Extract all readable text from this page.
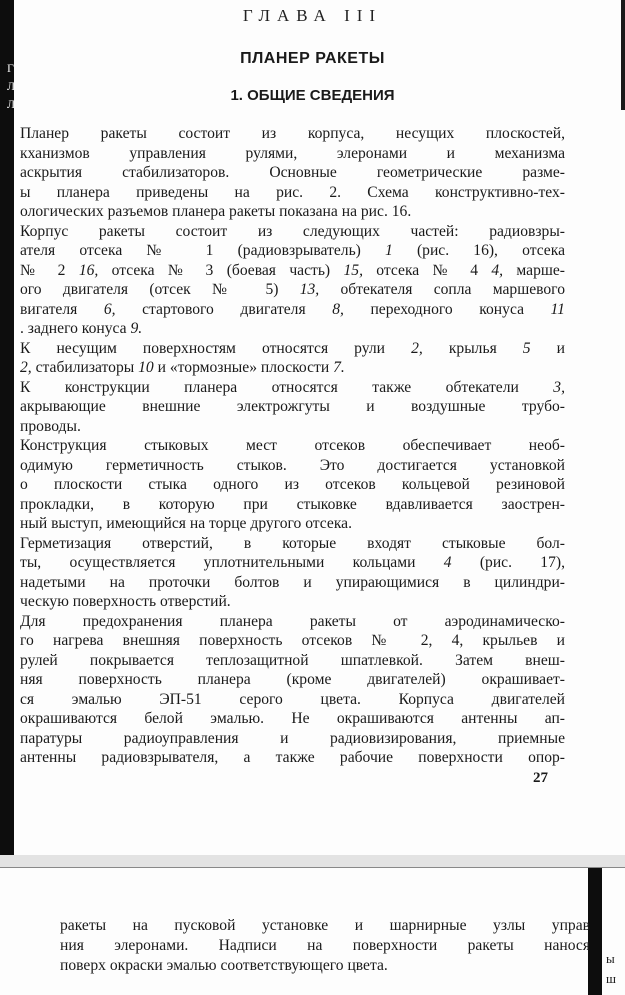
Г
Л
Л
ГЛАВА III
ПЛАНЕР РАКЕТЫ
1. ОБЩИЕ СВЕДЕНИЯ
Планер ракеты состоит из корпуса, несущих плоскостей,
кханизмов управления рулями, элеронами и механизма
аскрытия стабилизаторов. Основные геометрические разме-
ы планера приведены на рис. 2. Схема конструктивно-тех-
ологических разъемов планера ракеты показана на рис. 16.
Корпус ракеты состоит из следующих частей: радиовзры-
ателя отсека № 1 (радиовзрыватель) 1 (рис. 16), отсека
№ 2 16, отсека № 3 (боевая часть) 15, отсека № 4 4, марше-
ого двигателя (отсек № 5) 13, обтекателя сопла маршевого
вигателя 6, стартового двигателя 8, переходного конуса 11
. заднего конуса 9.
К несущим поверхностям относятся рули 2, крылья 5 и
2, стабилизаторы 10 и «тормозные» плоскости 7.
К конструкции планера относятся также обтекатели 3,
акрывающие внешние электрожгуты и воздушные трубо-
проводы.
Конструкция стыковых мест отсеков обеспечивает необ-
одимую герметичность стыков. Это достигается установкой
о плоскости стыка одного из отсеков кольцевой резиновой
прокладки, в которую при стыковке вдавливается заострен-
ный выступ, имеющийся на торце другого отсека.
Герметизация отверстий, в которые входят стыковые бол-
ты, осуществляется уплотнительными кольцами 4 (рис. 17),
надетыми на проточки болтов и упирающимися в цилиндри-
ческую поверхность отверстий.
Для предохранения планера ракеты от аэродинамическо-
го нагрева внешняя поверхность отсеков № 2, 4, крыльев и
рулей покрывается теплозащитной шпатлевкой. Затем внеш-
няя поверхность планера (кроме двигателей) окрашивает-
ся эмалью ЭП-51 серого цвета. Корпуса двигателей
окрашиваются белой эмалью. Не окрашиваются антенны ап-
паратуры радиоуправления и радиовизирования, приемные
антенны радиовзрывателя, а также рабочие поверхности опор-
27
ы
ш
ракеты на пусковой установке и шарнирные узлы управ
ния элеронами. Надписи на поверхности ракеты нанося
поверх окраски эмалью соответствующего цвета.
